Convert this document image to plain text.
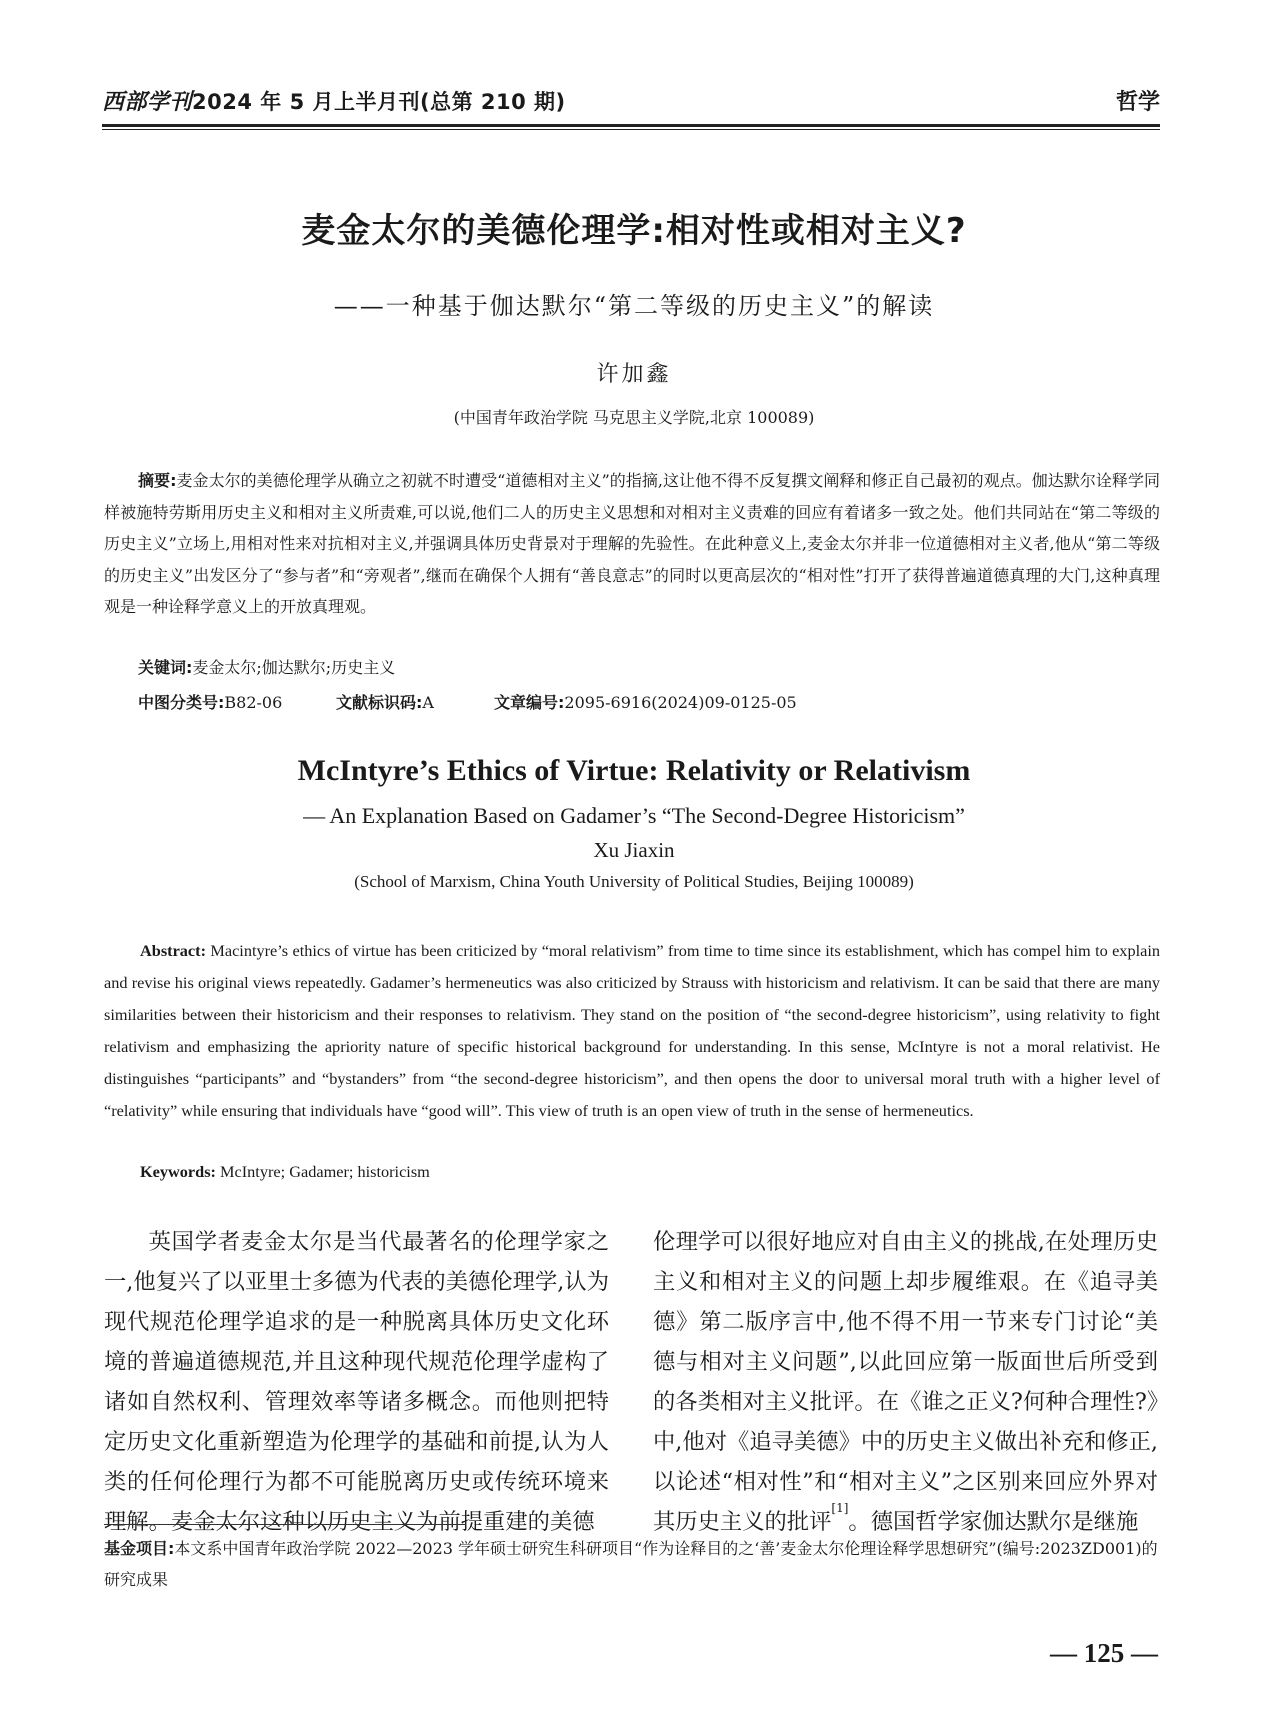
西部学刊2024 年 5 月上半月刊(总第 210 期)	哲学
麦金太尔的美德伦理学:相对性或相对主义?
——一种基于伽达默尔“第二等级的历史主义”的解读
许加鑫
(中国青年政治学院 马克思主义学院,北京 100089)
摘要:麦金太尔的美德伦理学从确立之初就不时遭受“道德相对主义”的指摘,这让他不得不反复撰文阐释和修正自己最初的观点。伽达默尔诠释学同样被施特劳斯用历史主义和相对主义所责难,可以说,他们二人的历史主义思想和对相对主义责难的回应有着诸多一致之处。他们共同站在“第二等级的历史主义”立场上,用相对性来对抗相对主义,并强调具体历史背景对于理解的先验性。在此种意义上,麦金太尔并非一位道德相对主义者,他从“第二等级的历史主义”出发区分了“参与者”和“旁观者”,继而在确保个人拥有“善良意志”的同时以更高层次的“相对性”打开了获得普遍道德真理的大门,这种真理观是一种诠释学意义上的开放真理观。
关键词:麦金太尔;伽达默尔;历史主义
中图分类号:B82-06	文献标识码:A	文章编号:2095-6916(2024)09-0125-05
McIntyre’s Ethics of Virtue: Relativity or Relativism
— An Explanation Based on Gadamer’s “The Second-Degree Historicism”
Xu Jiaxin
(School of Marxism, China Youth University of Political Studies, Beijing 100089)
Abstract: Macintyre’s ethics of virtue has been criticized by “moral relativism” from time to time since its establishment, which has compel him to explain and revise his original views repeatedly. Gadamer’s hermeneutics was also criticized by Strauss with historicism and relativism. It can be said that there are many similarities between their historicism and their responses to relativism. They stand on the position of “the second-degree historicism”, using relativity to fight relativism and emphasizing the apriority nature of specific historical background for understanding. In this sense, McIntyre is not a moral relativist. He distinguishes “participants” and “bystanders” from “the second-degree historicism”, and then opens the door to universal moral truth with a higher level of “relativity” while ensuring that individuals have “good will”. This view of truth is an open view of truth in the sense of hermeneutics.
Keywords: McIntyre; Gadamer; historicism

英国学者麦金太尔是当代最著名的伦理学家之一,他复兴了以亚里士多德为代表的美德伦理学,认为现代规范伦理学追求的是一种脱离具体历史文化环境的普遍道德规范,并且这种现代规范伦理学虚构了诸如自然权利、管理效率等诸多概念。而他则把特定历史文化重新塑造为伦理学的基础和前提,认为人类的任何伦理行为都不可能脱离历史或传统环境来理解。麦金太尔这种以历史主义为前提重建的美德

伦理学可以很好地应对自由主义的挑战,在处理历史主义和相对主义的问题上却步履维艰。在《追寻美德》第二版序言中,他不得不用一节来专门讨论“美德与相对主义问题”,以此回应第一版面世后所受到的各类相对主义批评。在《谁之正义?何种合理性?》中,他对《追寻美德》中的历史主义做出补充和修正,以论述“相对性”和“相对主义”之区别来回应外界对其历史主义的批评[1]。德国哲学家伽达默尔是继施

基金项目:本文系中国青年政治学院 2022—2023 学年硕士研究生科研项目“作为诠释目的之‘善’麦金太尔伦理诠释学思想研究”(编号:2023ZD001)的研究成果
— 125 —
